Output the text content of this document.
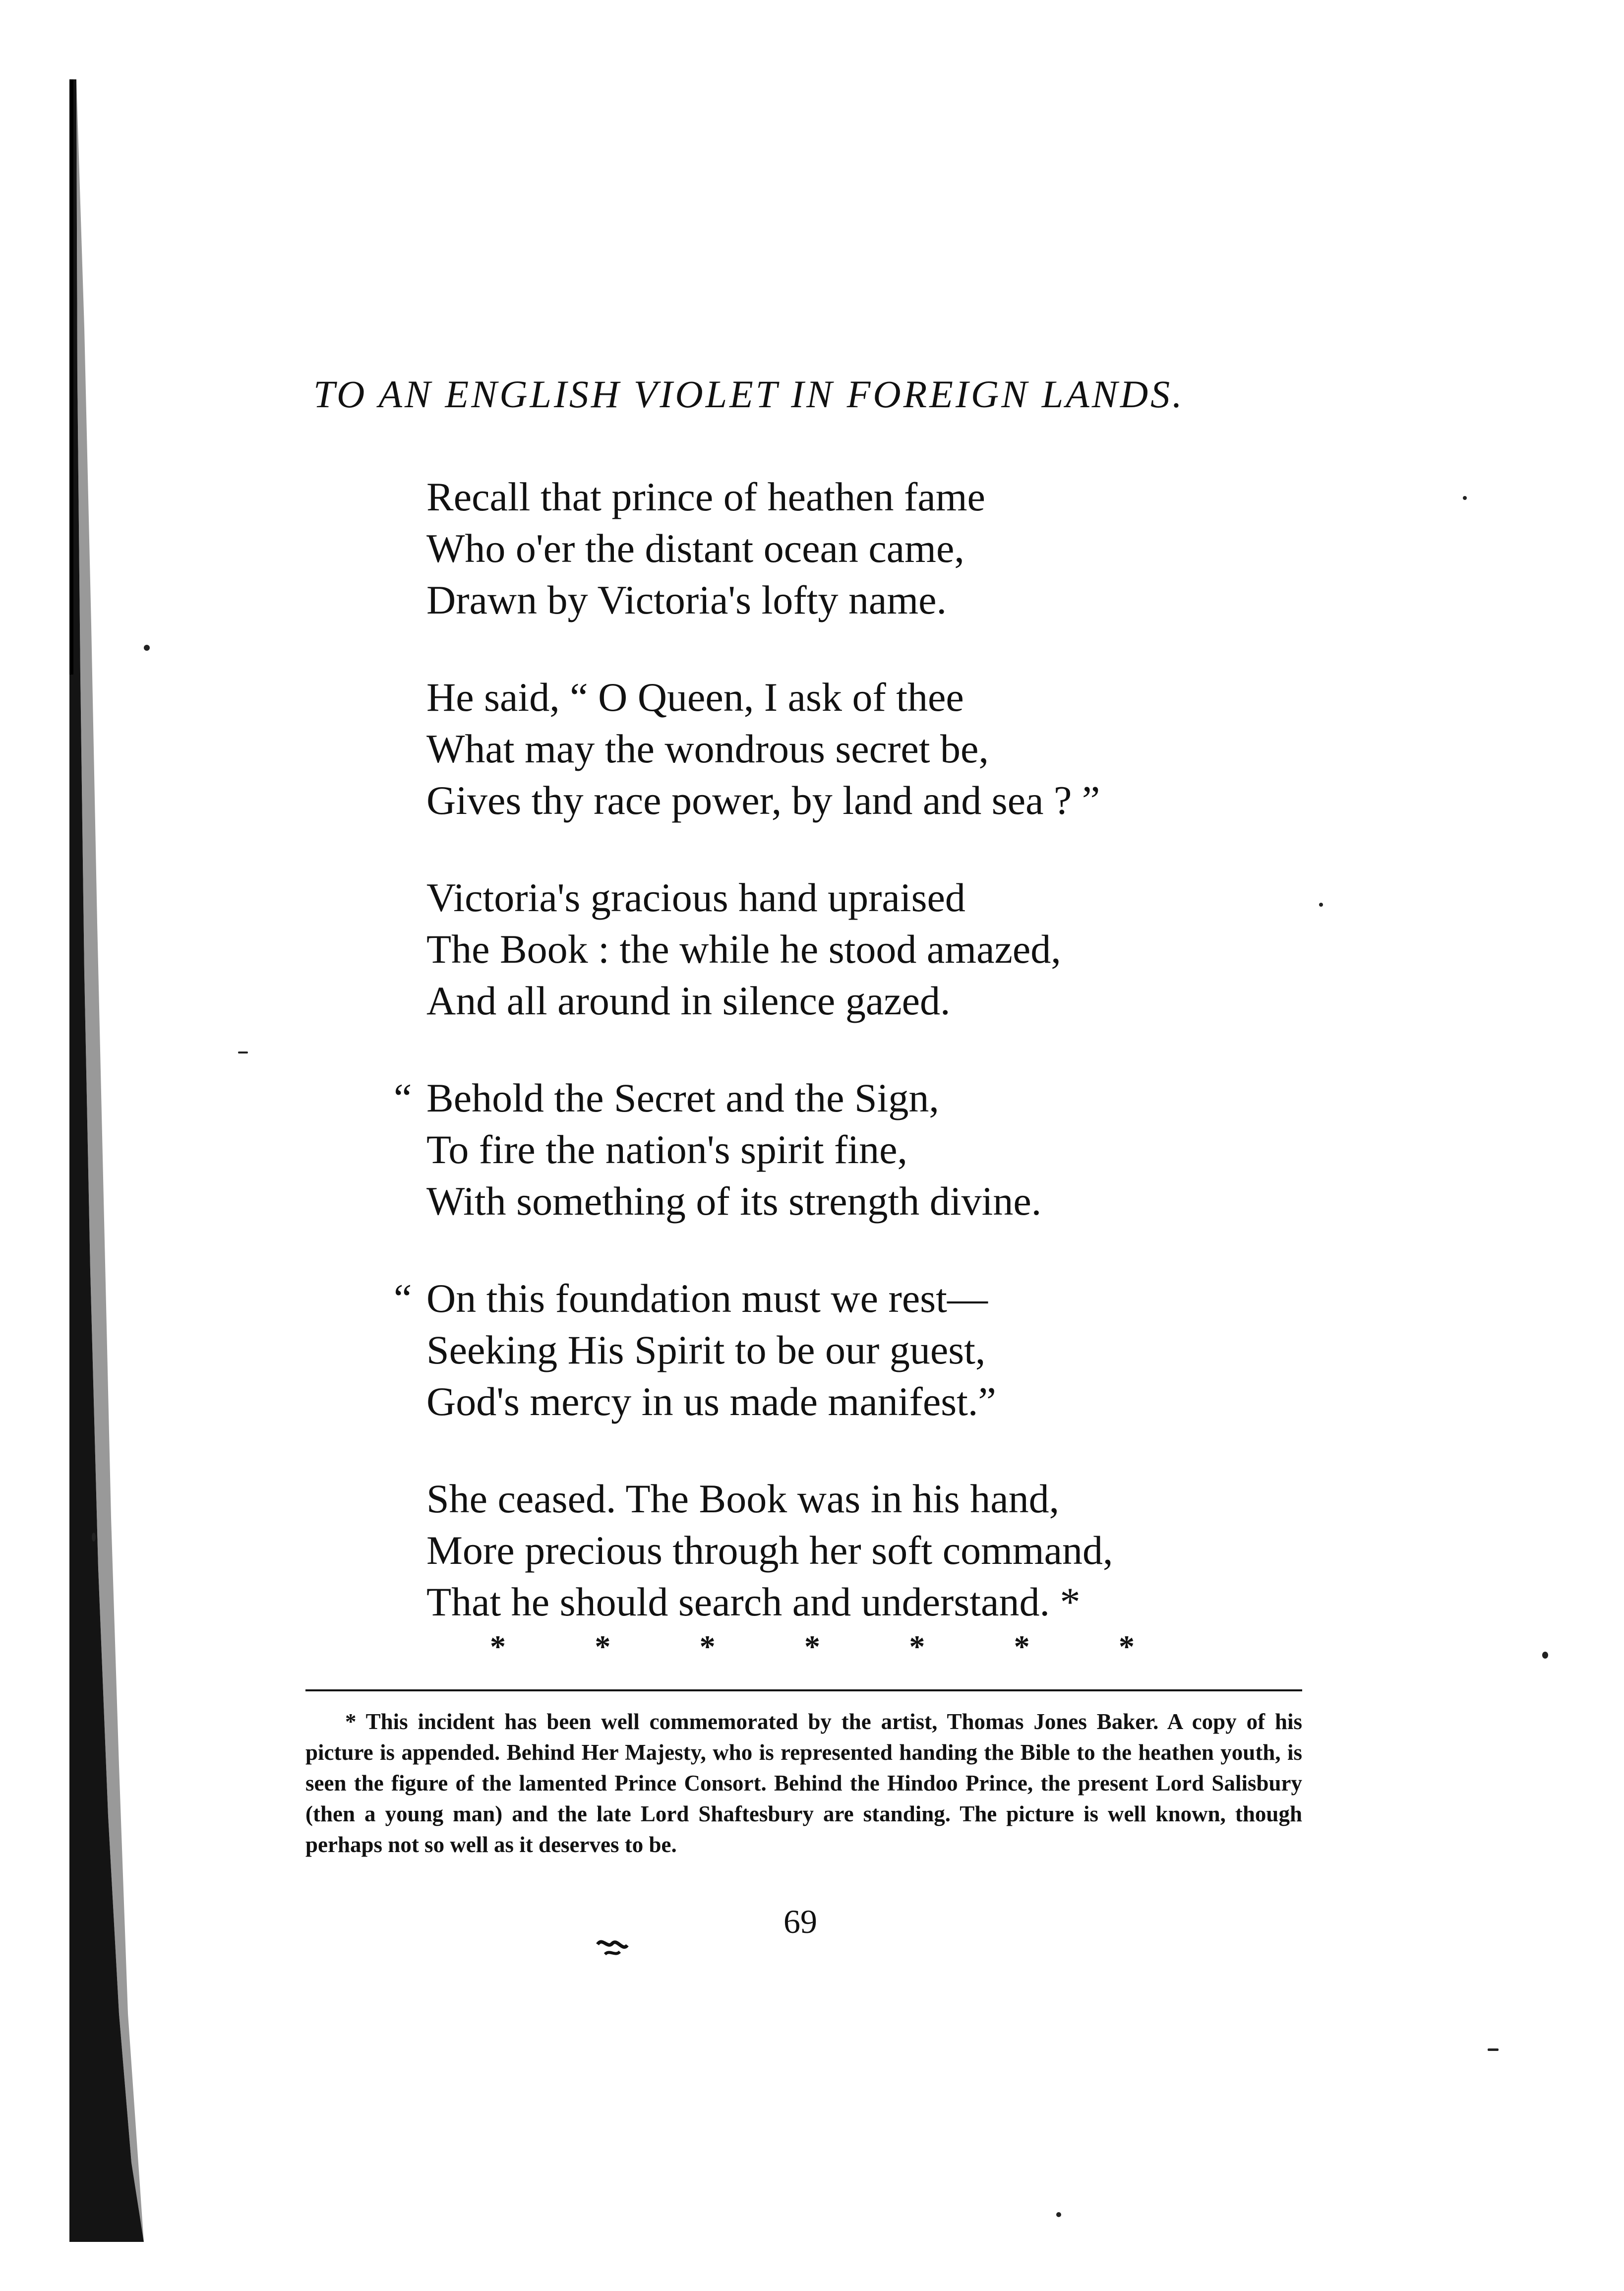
TO AN ENGLISH VIOLET IN FOREIGN LANDS.
Recall that prince of heathen fame
Who o'er the distant ocean came,
Drawn by Victoria's lofty name.
He said, “ O Queen, I ask of thee
What may the wondrous secret be,
Gives thy race power, by land and sea ? ”
Victoria's gracious hand upraised
The Book : the while he stood amazed,
And all around in silence gazed.
“ Behold the Secret and the Sign,
To fire the nation's spirit fine,
With something of its strength divine.
“ On this foundation must we rest—
Seeking His Spirit to be our guest,
God's mercy in us made manifest.”
She ceased. The Book was in his hand,
More precious through her soft command,
That he should search and understand. *
*	*	*	*	*	*	*
* This incident has been well commemorated by the artist, Thomas Jones Baker. A copy of his picture is appended. Behind Her Majesty, who is represented handing the Bible to the heathen youth, is seen the figure of the lamented Prince Consort. Behind the Hindoo Prince, the present Lord Salisbury (then a young man) and the late Lord Shaftesbury are standing. The picture is well known, though perhaps not so well as it deserves to be.
69
